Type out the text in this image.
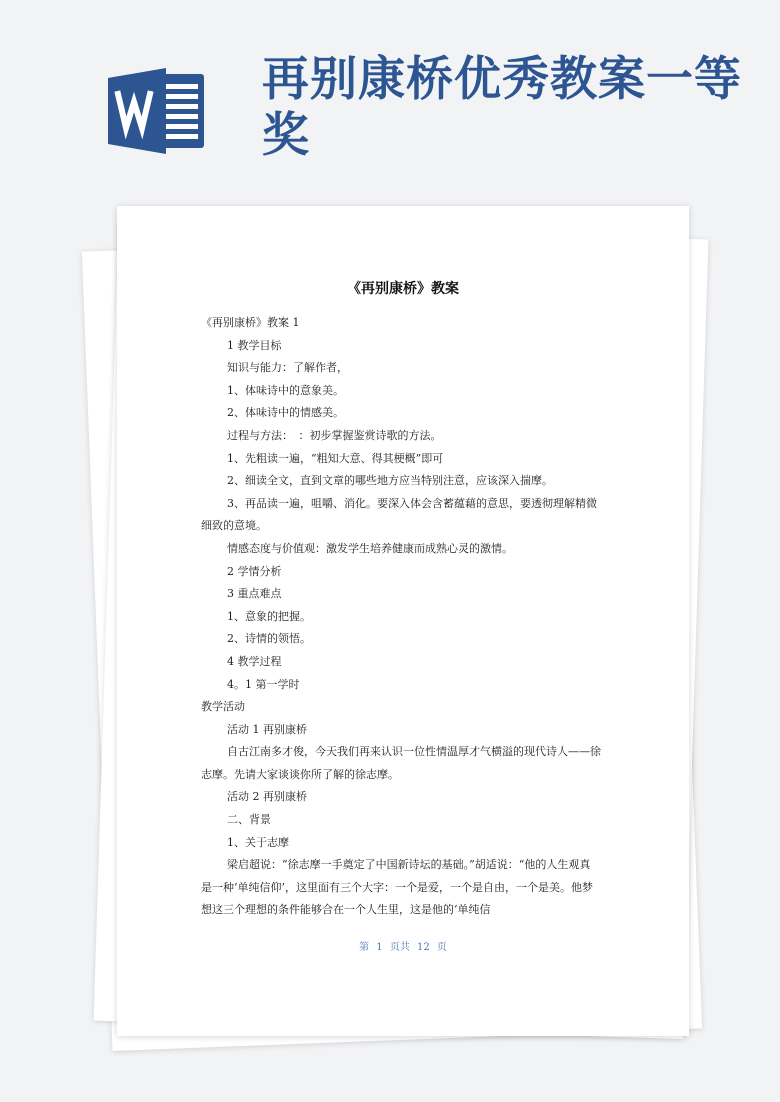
再别康桥优秀教案一等奖
《再别康桥》教案

《再别康桥》教案 1

1 教学目标

知识与能力：了解作者，

1、体味诗中的意象美。

2、体味诗中的情感美。

过程与方法：　：初步掌握鉴赏诗歌的方法。

1、先粗读一遍，“粗知大意、得其梗概”即可

2、细读全文，直到文章的哪些地方应当特别注意，应该深入揣摩。

3、再品读一遍，咀嚼、消化。要深入体会含蓄蕴藉的意思，要透彻理解精微细致的意境。

情感态度与价值观：激发学生培养健康而成熟心灵的激情。

2 学情分析

3 重点难点

1、意象的把握。

2、诗情的领悟。

4 教学过程

4。1 第一学时

教学活动

活动 1 再别康桥

自古江南多才俊，今天我们再来认识一位性情温厚才气横溢的现代诗人——徐志摩。先请大家谈谈你所了解的徐志摩。

活动 2 再别康桥

二、背景

1、关于志摩

梁启超说：“徐志摩一手奠定了中国新诗坛的基础。”胡适说：“他的人生观真是一种‘单纯信仰’，这里面有三个大字：一个是爱，一个是自由，一个是美。他梦想这三个理想的条件能够合在一个人生里，这是他的‘单纯信

第 1 页共 12 页
